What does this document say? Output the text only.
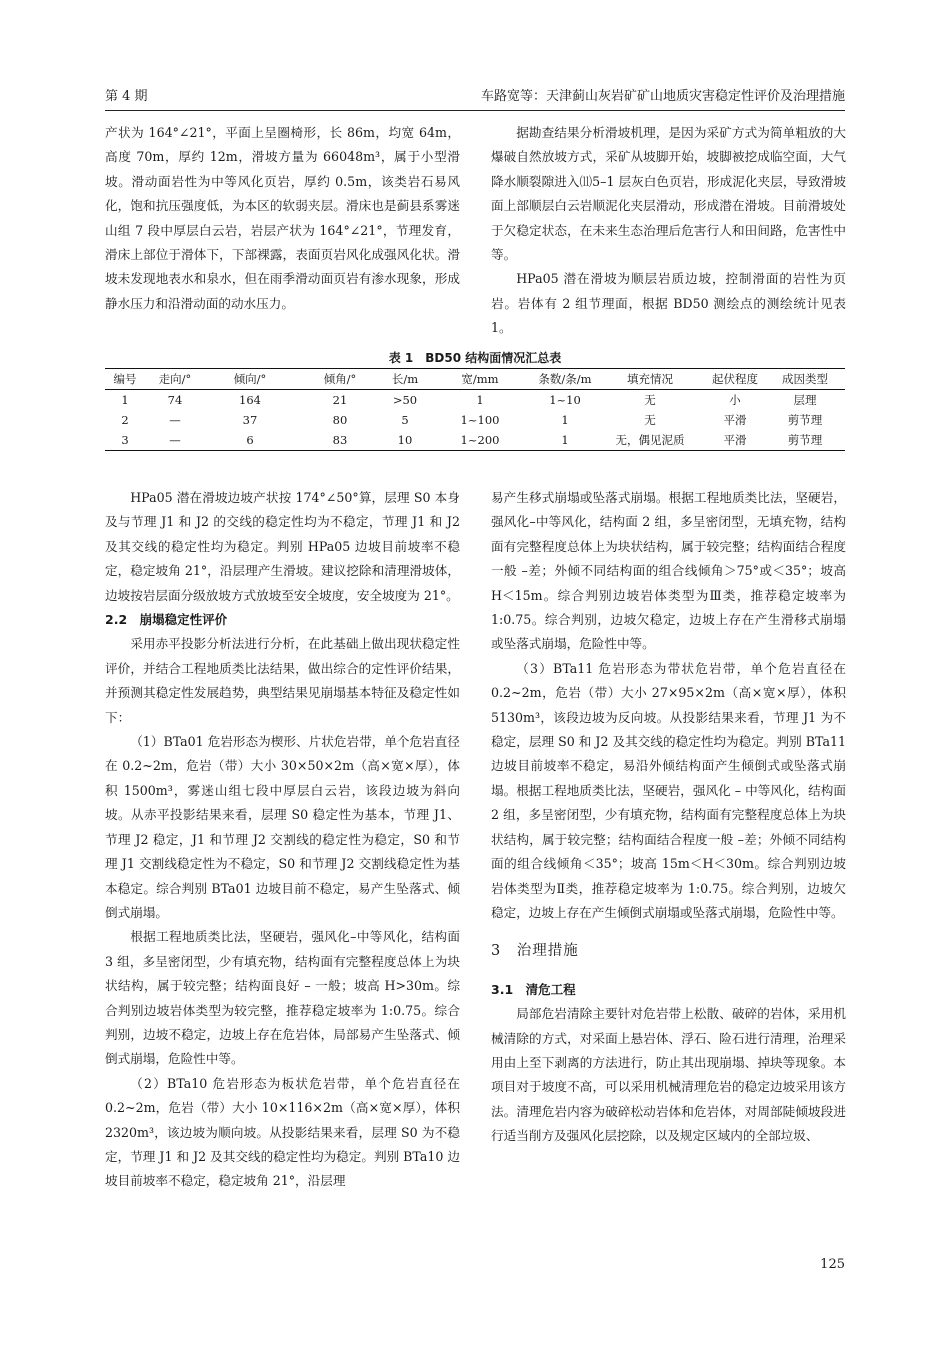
第 4 期	车路宽等：天津蓟山灰岩矿矿山地质灾害稳定性评价及治理措施

产状为 164°∠21°，平面上呈圈椅形，长 86m，均宽 64m，高度 70m，厚约 12m，滑坡方量为 66048m³，属于小型滑坡。滑动面岩性为中等风化页岩，厚约 0.5m，该类岩石易风化，饱和抗压强度低，为本区的软弱夹层。滑床也是蓟县系雾迷山组 7 段中厚层白云岩，岩层产状为 164°∠21°，节理发育，滑床上部位于滑体下，下部裸露，表面页岩风化成强风化状。滑坡未发现地表水和泉水，但在雨季滑动面页岩有渗水现象，形成静水压力和沿滑动面的动水压力。

据勘查结果分析滑坡机理，是因为采矿方式为简单粗放的大爆破自然放坡方式，采矿从坡脚开始，坡脚被挖成临空面，大气降水顺裂隙进入⑾5–1 层灰白色页岩，形成泥化夹层，导致滑坡面上部顺层白云岩顺泥化夹层滑动，形成潜在滑坡。目前滑坡处于欠稳定状态，在未来生态治理后危害行人和田间路，危害性中等。

HPa05 潜在滑坡为顺层岩质边坡，控制滑面的岩性为页岩。岩体有 2 组节理面，根据 BD50 测绘点的测绘统计见表 1。

表 1　BD50 结构面情况汇总表
编号	走向/°	倾向/°	倾角/°	长/m	宽/mm	条数/条/m	填充情况	起伏程度	成因类型
1	74	164	21	>50	1	1~10	无	小	层理
2	—	37	80	5	1~100	1	无	平滑	剪节理
3	—	6	83	10	1~200	1	无，偶见泥质	平滑	剪节理

HPa05 潜在滑坡边坡产状按 174°∠50°算，层理 S0 本身及与节理 J1 和 J2 的交线的稳定性均为不稳定，节理 J1 和 J2 及其交线的稳定性均为稳定。判别 HPa05 边坡目前坡率不稳定，稳定坡角 21°，沿层理产生滑坡。建议挖除和清理滑坡体，边坡按岩层面分级放坡方式放坡至安全坡度，安全坡度为 21°。

2.2　崩塌稳定性评价

采用赤平投影分析法进行分析，在此基础上做出现状稳定性评价，并结合工程地质类比法结果，做出综合的定性评价结果，并预测其稳定性发展趋势，典型结果见崩塌基本特征及稳定性如下：

（1）BTa01 危岩形态为楔形、片状危岩带，单个危岩直径在 0.2~2m，危岩（带）大小 30×50×2m（高×宽×厚），体积 1500m³，雾迷山组七段中厚层白云岩，该段边坡为斜向坡。从赤平投影结果来看，层理 S0 稳定性为基本，节理 J1、节理 J2 稳定，J1 和节理 J2 交割线的稳定性为稳定，S0 和节理 J1 交割线稳定性为不稳定，S0 和节理 J2 交割线稳定性为基本稳定。综合判别 BTa01 边坡目前不稳定，易产生坠落式、倾倒式崩塌。

根据工程地质类比法，坚硬岩，强风化–中等风化，结构面 3 组，多呈密闭型，少有填充物，结构面有完整程度总体上为块状结构，属于较完整；结构面良好 – 一般；坡高 H>30m。综合判别边坡岩体类型为较完整，推荐稳定坡率为 1:0.75。综合判别，边坡不稳定，边坡上存在危岩体，局部易产生坠落式、倾倒式崩塌，危险性中等。

（2）BTa10 危岩形态为板状危岩带，单个危岩直径在 0.2~2m，危岩（带）大小 10×116×2m（高×宽×厚），体积 2320m³，该边坡为顺向坡。从投影结果来看，层理 S0 为不稳定，节理 J1 和 J2 及其交线的稳定性均为稳定。判别 BTa10 边坡目前坡率不稳定，稳定坡角 21°，沿层理

易产生移式崩塌或坠落式崩塌。根据工程地质类比法，坚硬岩，强风化–中等风化，结构面 2 组，多呈密闭型，无填充物，结构面有完整程度总体上为块状结构，属于较完整；结构面结合程度一般 –差；外倾不同结构面的组合线倾角＞75°或＜35°；坡高 H＜15m。综合判别边坡岩体类型为Ⅲ类，推荐稳定坡率为 1:0.75。综合判别，边坡欠稳定，边坡上存在产生滑移式崩塌或坠落式崩塌，危险性中等。

（3）BTa11 危岩形态为带状危岩带，单个危岩直径在 0.2~2m，危岩（带）大小 27×95×2m（高×宽×厚），体积 5130m³，该段边坡为反向坡。从投影结果来看，节理 J1 为不稳定，层理 S0 和 J2 及其交线的稳定性均为稳定。判别 BTa11 边坡目前坡率不稳定，易沿外倾结构面产生倾倒式或坠落式崩塌。根据工程地质类比法，坚硬岩，强风化 – 中等风化，结构面 2 组，多呈密闭型，少有填充物，结构面有完整程度总体上为块状结构，属于较完整；结构面结合程度一般 –差；外倾不同结构面的组合线倾角＜35°；坡高 15m＜H＜30m。综合判别边坡岩体类型为Ⅱ类，推荐稳定坡率为 1:0.75。综合判别，边坡欠稳定，边坡上存在产生倾倒式崩塌或坠落式崩塌，危险性中等。

3　治理措施

3.1　清危工程

局部危岩清除主要针对危岩带上松散、破碎的岩体，采用机械清除的方式，对采面上悬岩体、浮石、险石进行清理，治理采用由上至下剥离的方法进行，防止其出现崩塌、掉块等现象。本项目对于坡度不高，可以采用机械清理危岩的稳定边坡采用该方法。清理危岩内容为破碎松动岩体和危岩体，对周部陡倾坡段进行适当削方及强风化层挖除，以及规定区域内的全部垃圾、

125
